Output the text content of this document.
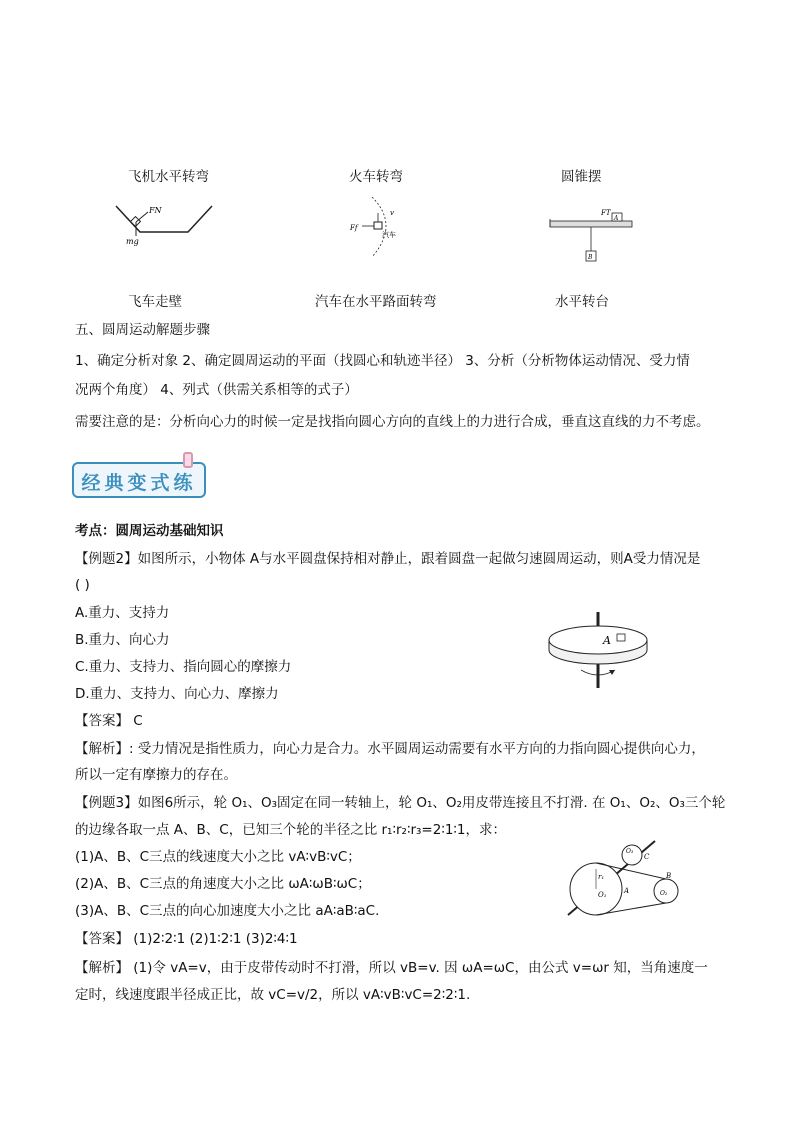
飞机水平转弯	火车转弯	圆锥摆
FN
mg
v
Ff
汽车
FT
A
B
飞车走壁	汽车在水平路面转弯	水平转台
五、圆周运动解题步骤
1、确定分析对象 2、确定圆周运动的平面（找圆心和轨迹半径） 3、分析（分析物体运动情况、受力情
况两个角度） 4、列式（供需关系相等的式子）
需要注意的是：分析向心力的时候一定是找指向圆心方向的直线上的力进行合成，垂直这直线的力不考虑。
经典变式练
考点：圆周运动基础知识
【例题2】如图所示，小物体 A与水平圆盘保持相对静止，跟着圆盘一起做匀速圆周运动，则A受力情况是
( )
A.重力、支持力
B.重力、向心力
C.重力、支持力、指向圆心的摩擦力
D.重力、支持力、向心力、摩擦力
A
【答案】 C
【解析】: 受力情况是指性质力，向心力是合力。水平圆周运动需要有水平方向的力指向圆心提供向心力，
所以一定有摩擦力的存在。
【例题3】如图6所示，轮 O₁、O₃固定在同一转轴上，轮 O₁、O₂用皮带连接且不打滑. 在 O₁、O₂、O₃三个轮
的边缘各取一点 A、B、C，已知三个轮的半径之比 r₁∶r₂∶r₃=2∶1∶1，求：
(1)A、B、C三点的线速度大小之比 vA∶vB∶vC；
(2)A、B、C三点的角速度大小之比 ωA∶ωB∶ωC；
(3)A、B、C三点的向心加速度大小之比 aA∶aB∶aC.
r₁
O₁ A
O₃
C
O₂
B
【答案】 (1)2∶2∶1 (2)1∶2∶1 (3)2∶4∶1
【解析】 (1)令 vA=v，由于皮带传动时不打滑，所以 vB=v. 因 ωA=ωC，由公式 v=ωr 知，当角速度一
定时，线速度跟半径成正比，故 vC=v/2，所以 vA∶vB∶vC=2∶2∶1.
